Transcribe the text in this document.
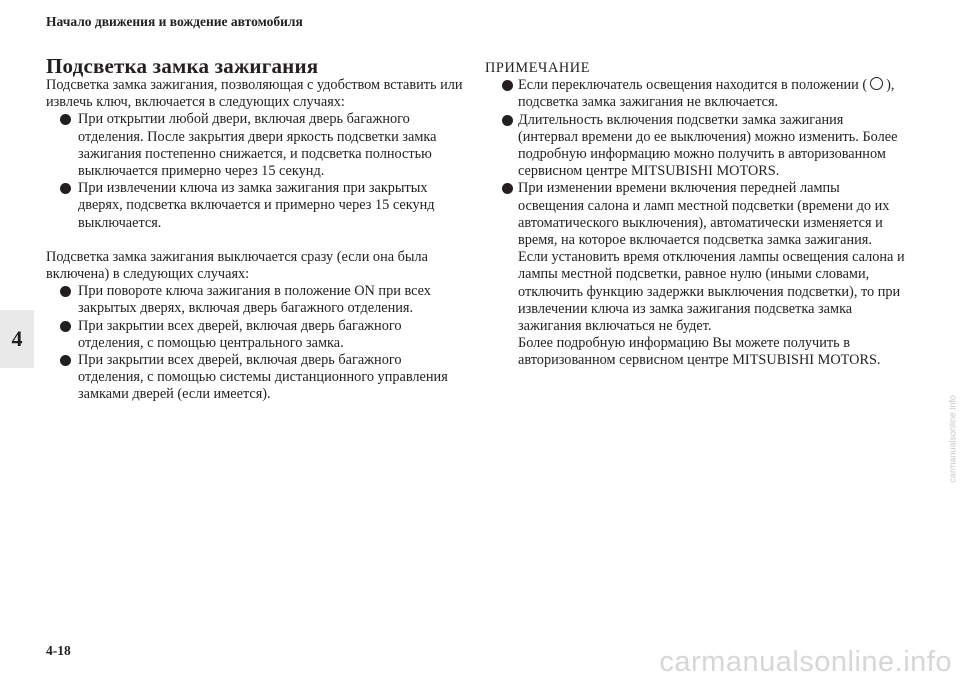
Начало движения и вождение автомобиля
4
Подсветка замка зажигания

Подсветка замка зажигания, позволяющая с удобством вставить или извлечь ключ, включается в следующих случаях:

При открытии любой двери, включая дверь багажного отделения. После закрытия двери яркость подсветки замка зажигания постепенно снижается, и подсветка полностью выключается примерно через 15 секунд.
При извлечении ключа из замка зажигания при закрытых дверях, подсветка включается и примерно через 15 секунд выключается.

Подсветка замка зажигания выключается сразу (если она была включена) в следующих случаях:

При повороте ключа зажигания в положение ON при всех закрытых дверях, включая дверь багажного отделения.
При закрытии всех дверей, включая дверь багажного отделения, с помощью центрального замка.
При закрытии всех дверей, включая дверь багажного отделения, с помощью системы дистанционного управления замками дверей (если имеется).
ПРИМЕЧАНИЕ
Если переключатель освещения находится в положении ( ), подсветка замка зажигания не включается.
Длительность включения подсветки замка зажигания (интервал времени до ее выключения) можно изменить. Более подробную информацию можно получить в авторизованном сервисном центре MITSUBISHI MOTORS.
При изменении времени включения передней лампы освещения салона и ламп местной подсветки (времени до их автоматического выключения), автоматически изменяется и время, на которое включается подсветка замка зажигания. Если установить время отключения лампы освещения салона и лампы местной подсветки, равное нулю (иными словами, отключить функцию задержки выключения подсветки), то при извлечении ключа из замка зажигания подсветка замка зажигания включаться не будет.
Более подробную информацию Вы можете получить в авторизованном сервисном центре MITSUBISHI MOTORS.
4-18
carmanualsonline.info
carmanualsonline.info
